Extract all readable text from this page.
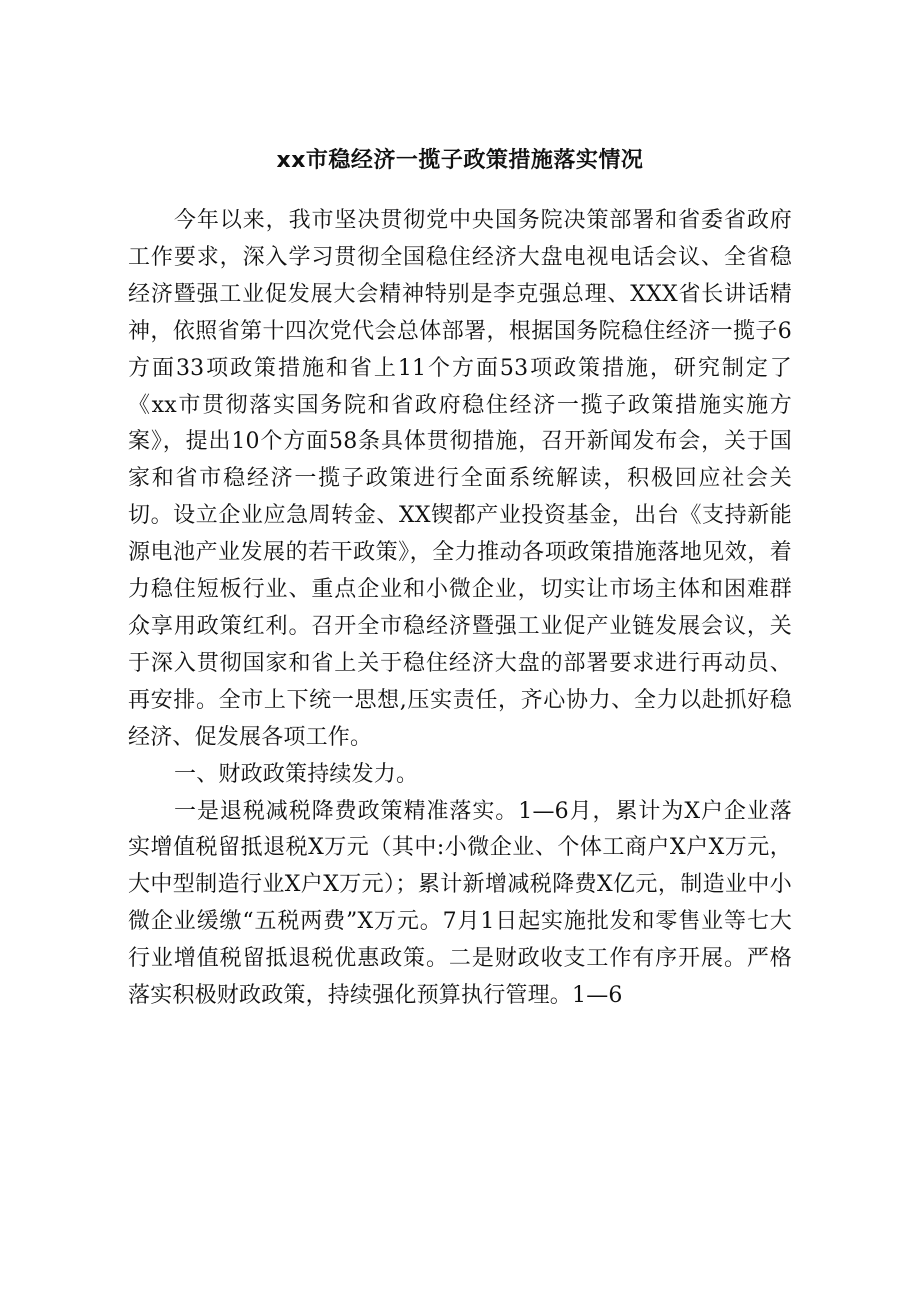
xx市稳经济一揽子政策措施落实情况

今年以来，我市坚决贯彻党中央国务院决策部署和省委省政府工作要求，深入学习贯彻全国稳住经济大盘电视电话会议、全省稳经济暨强工业促发展大会精神特别是李克强总理、XXX省长讲话精神，依照省第十四次党代会总体部署，根据国务院稳住经济一揽子6方面33项政策措施和省上11个方面53项政策措施，研究制定了《xx市贯彻落实国务院和省政府稳住经济一揽子政策措施实施方案》，提出10个方面58条具体贯彻措施，召开新闻发布会，关于国家和省市稳经济一揽子政策进行全面系统解读，积极回应社会关切。设立企业应急周转金、XX锲都产业投资基金，出台《支持新能源电池产业发展的若干政策》，全力推动各项政策措施落地见效，着力稳住短板行业、重点企业和小微企业，切实让市场主体和困难群众享用政策红利。召开全市稳经济暨强工业促产业链发展会议，关于深入贯彻国家和省上关于稳住经济大盘的部署要求进行再动员、再安排。全市上下统一思想,压实责任，齐心协力、全力以赴抓好稳经济、促发展各项工作。

一、财政政策持续发力。

一是退税减税降费政策精准落实。1—6月，累计为X户企业落实增值税留抵退税X万元（其中:小微企业、个体工商户X户X万元，大中型制造行业X户X万元）；累计新增减税降费X亿元，制造业中小微企业缓缴“五税两费”X万元。7月1日起实施批发和零售业等七大行业增值税留抵退税优惠政策。二是财政收支工作有序开展。严格落实积极财政政策，持续强化预算执行管理。1—6
